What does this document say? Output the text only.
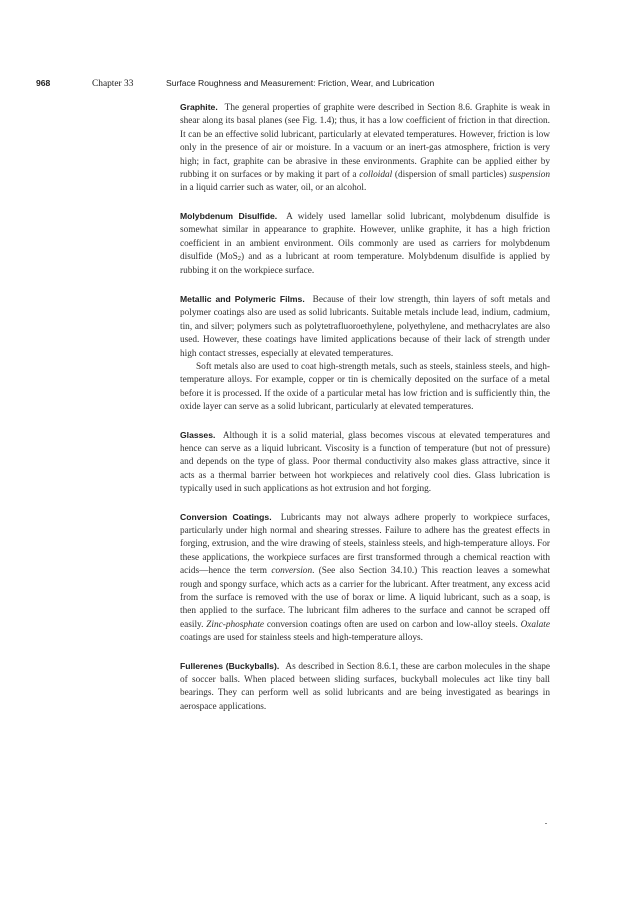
968	Chapter 33	Surface Roughness and Measurement: Friction, Wear, and Lubrication

Graphite. The general properties of graphite were described in Section 8.6. Graphite is weak in shear along its basal planes (see Fig. 1.4); thus, it has a low coefficient of friction in that direction. It can be an effective solid lubricant, particularly at elevated temperatures. However, friction is low only in the presence of air or moisture. In a vacuum or an inert-gas atmosphere, friction is very high; in fact, graphite can be abrasive in these environments. Graphite can be applied either by rubbing it on surfaces or by making it part of a colloidal (dispersion of small particles) suspension in a liquid carrier such as water, oil, or an alcohol.

Molybdenum Disulfide. A widely used lamellar solid lubricant, molybdenum disulfide is somewhat similar in appearance to graphite. However, unlike graphite, it has a high friction coefficient in an ambient environment. Oils commonly are used as carriers for molybdenum disulfide (MoS2) and as a lubricant at room temperature. Molybdenum disulfide is applied by rubbing it on the workpiece surface.

Metallic and Polymeric Films. Because of their low strength, thin layers of soft metals and polymer coatings also are used as solid lubricants. Suitable metals include lead, indium, cadmium, tin, and silver; polymers such as polytetrafluoroethylene, polyethylene, and methacrylates are also used. However, these coatings have limited applications because of their lack of strength under high contact stresses, especially at elevated temperatures.

Soft metals also are used to coat high-strength metals, such as steels, stainless steels, and high-temperature alloys. For example, copper or tin is chemically deposited on the surface of a metal before it is processed. If the oxide of a particular metal has low friction and is sufficiently thin, the oxide layer can serve as a solid lubricant, particularly at elevated temperatures.

Glasses. Although it is a solid material, glass becomes viscous at elevated temperatures and hence can serve as a liquid lubricant. Viscosity is a function of temperature (but not of pressure) and depends on the type of glass. Poor thermal conductivity also makes glass attractive, since it acts as a thermal barrier between hot workpieces and relatively cool dies. Glass lubrication is typically used in such applications as hot extrusion and hot forging.

Conversion Coatings. Lubricants may not always adhere properly to workpiece surfaces, particularly under high normal and shearing stresses. Failure to adhere has the greatest effects in forging, extrusion, and the wire drawing of steels, stainless steels, and high-temperature alloys. For these applications, the workpiece surfaces are first transformed through a chemical reaction with acids—hence the term conversion. (See also Section 34.10.) This reaction leaves a somewhat rough and spongy surface, which acts as a carrier for the lubricant. After treatment, any excess acid from the surface is removed with the use of borax or lime. A liquid lubricant, such as a soap, is then applied to the surface. The lubricant film adheres to the surface and cannot be scraped off easily. Zinc-phosphate conversion coatings often are used on carbon and low-alloy steels. Oxalate coatings are used for stainless steels and high-temperature alloys.

Fullerenes (Buckyballs). As described in Section 8.6.1, these are carbon molecules in the shape of soccer balls. When placed between sliding surfaces, buckyball molecules act like tiny ball bearings. They can perform well as solid lubricants and are being investigated as bearings in aerospace applications.
